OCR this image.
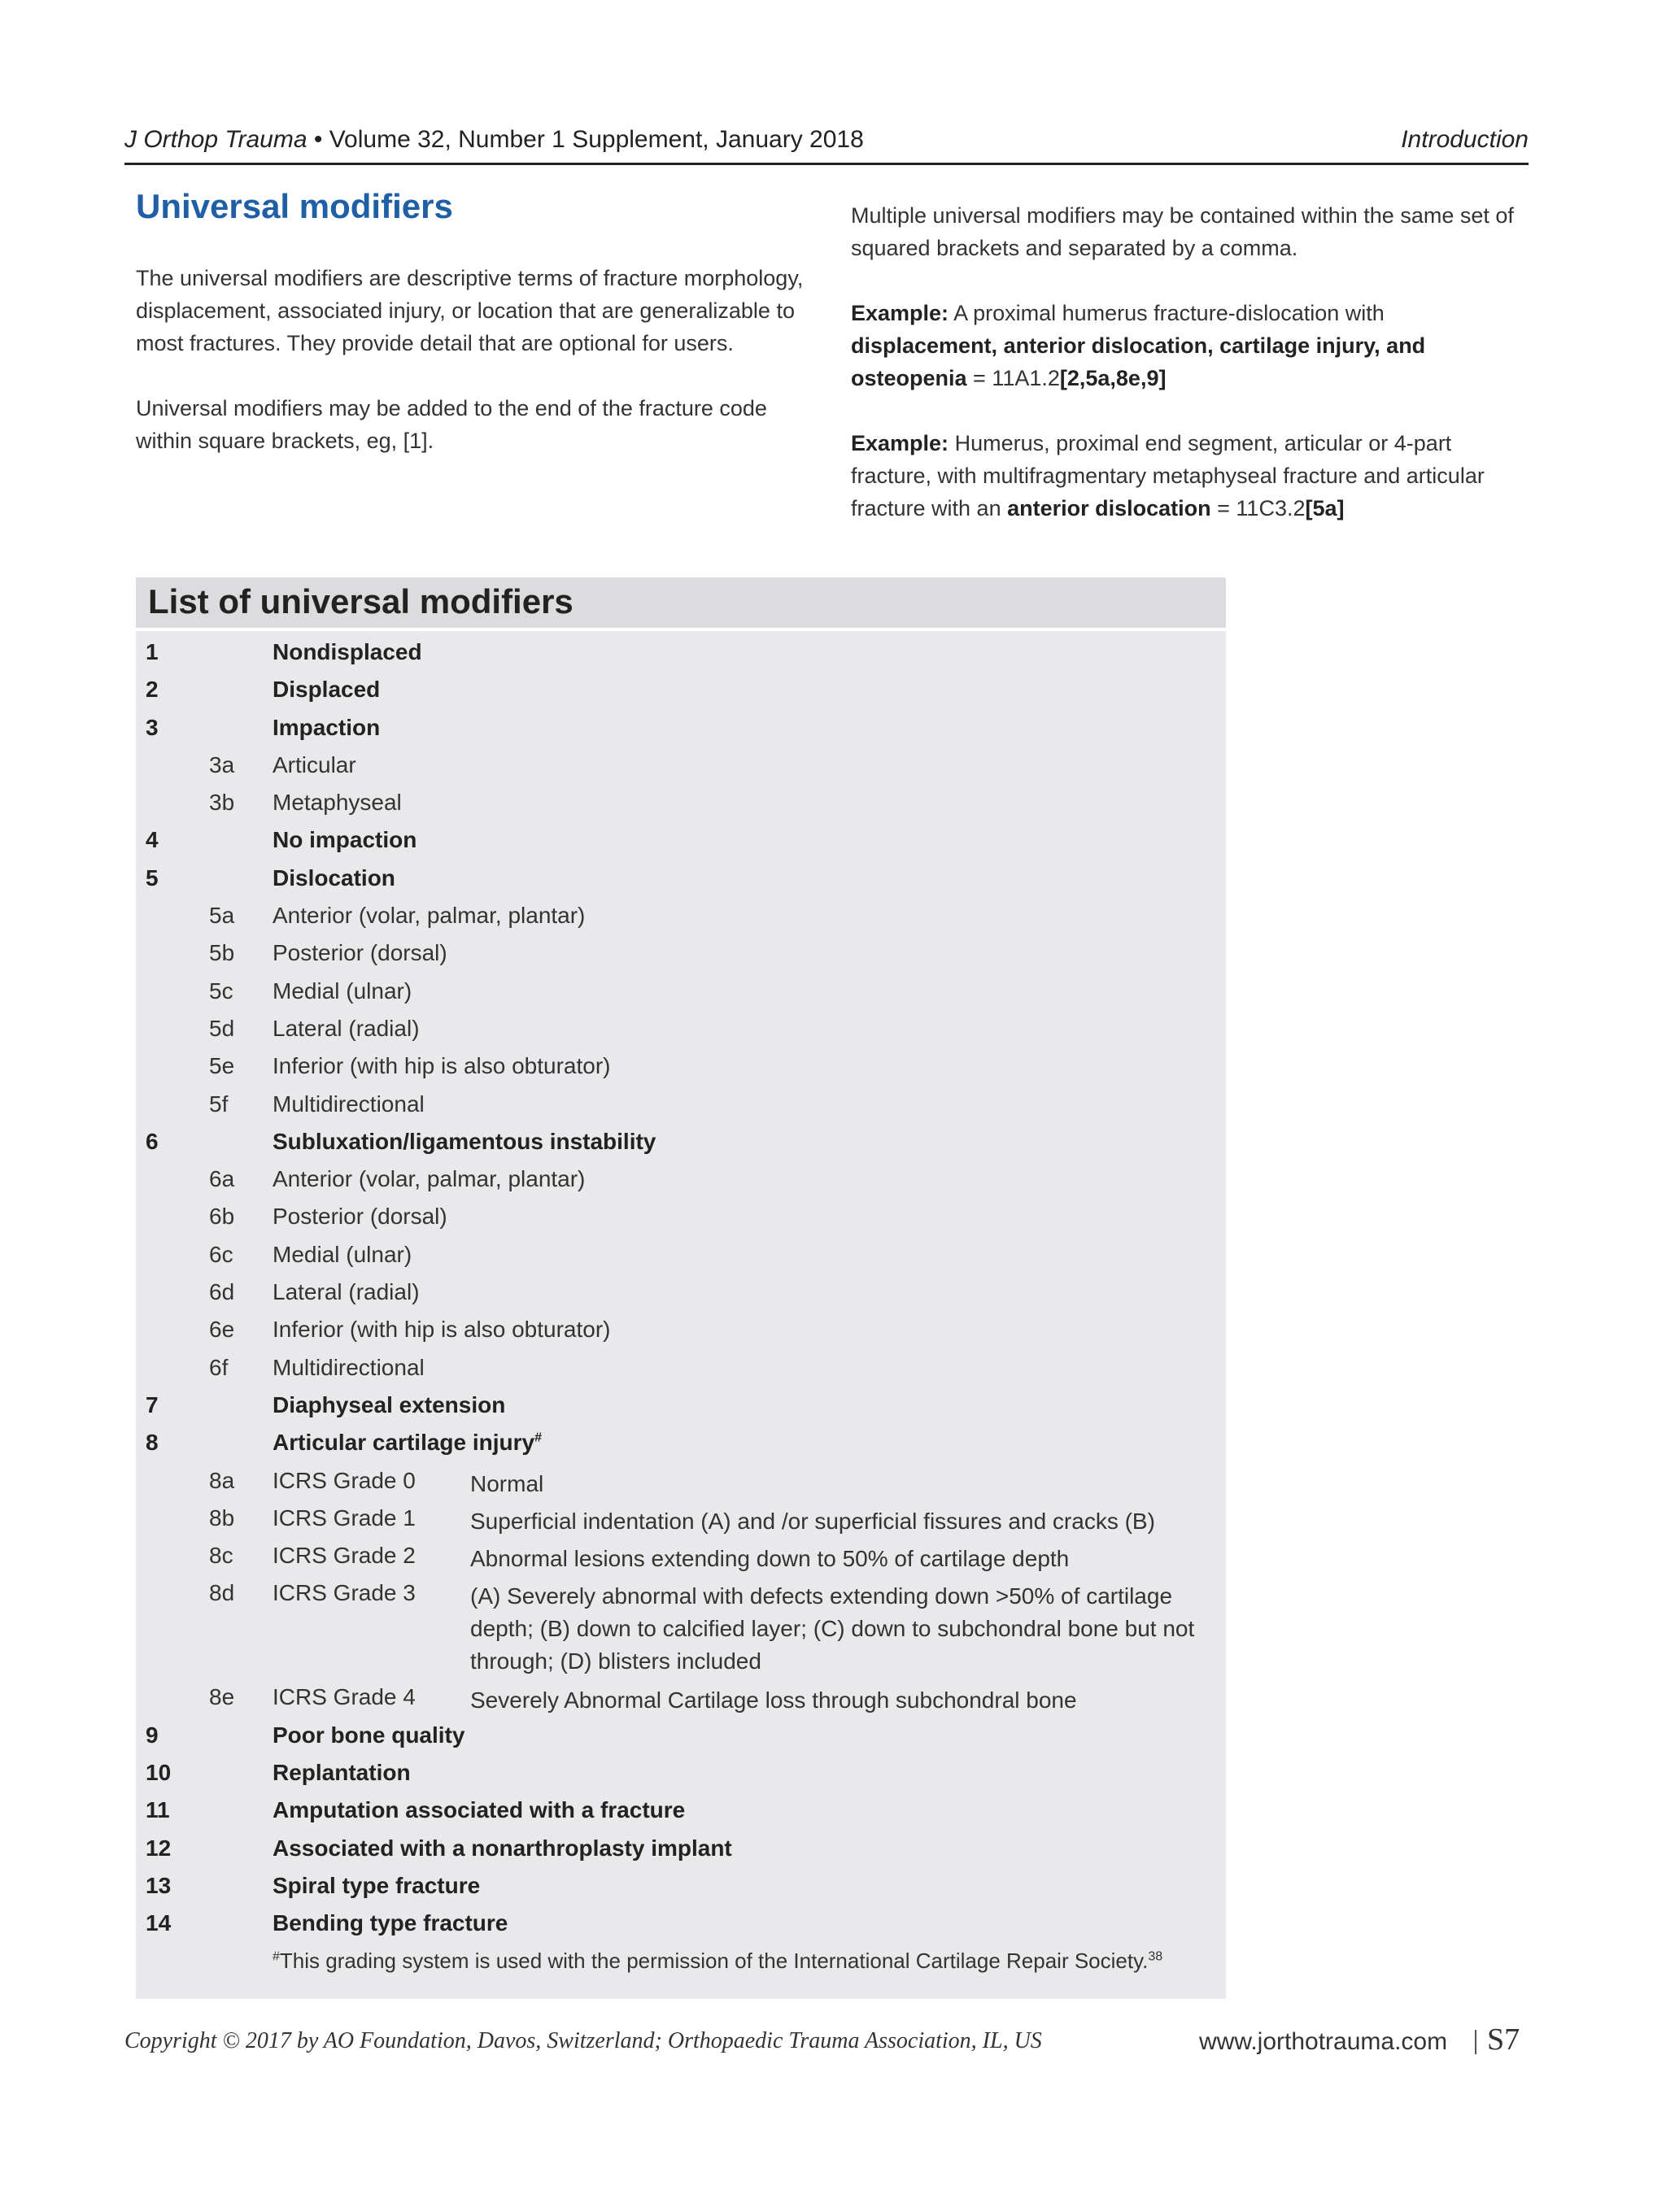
J Orthop Trauma • Volume 32, Number 1 Supplement, January 2018	Introduction
Universal modifiers

The universal modifiers are descriptive terms of fracture morphology, displacement, associated injury, or location that are generalizable to most fractures. They provide detail that are optional for users.

Universal modifiers may be added to the end of the fracture code within square brackets, eg, [1].

Multiple universal modifiers may be contained within the same set of squared brackets and separated by a comma.

Example: A proximal humerus fracture-dislocation with displacement, anterior dislocation, cartilage injury, and osteopenia = 11A1.2[2,5a,8e,9]

Example: Humerus, proximal end segment, articular or 4-part fracture, with multifragmentary metaphyseal fracture and articular fracture with an anterior dislocation = 11C3.2[5a]

List of universal modifiers
1	Nondisplaced
2	Displaced
3	Impaction
3a Articular
3b Metaphyseal
4	No impaction
5	Dislocation
5a Anterior (volar, palmar, plantar)
5b Posterior (dorsal)
5c Medial (ulnar)
5d Lateral (radial)
5e Inferior (with hip is also obturator)
5f Multidirectional
6	Subluxation/ligamentous instability
6a Anterior (volar, palmar, plantar)
6b Posterior (dorsal)
6c Medial (ulnar)
6d Lateral (radial)
6e Inferior (with hip is also obturator)
6f Multidirectional
7	Diaphyseal extension
8	Articular cartilage injury#
8a ICRS Grade 0 Normal
8b ICRS Grade 1 Superficial indentation (A) and /or superficial fissures and cracks (B)
8c ICRS Grade 2 Abnormal lesions extending down to 50% of cartilage depth
8d ICRS Grade 3 (A) Severely abnormal with defects extending down >50% of cartilage depth; (B) down to calcified layer; (C) down to subchondral bone but not through; (D) blisters included
8e ICRS Grade 4 Severely Abnormal Cartilage loss through subchondral bone
9	Poor bone quality
10	Replantation
11	Amputation associated with a fracture
12	Associated with a nonarthroplasty implant
13	Spiral type fracture
14	Bending type fracture
#This grading system is used with the permission of the International Cartilage Repair Society.$^{38}$
Copyright © 2017 by AO Foundation, Davos, Switzerland; Orthopaedic Trauma Association, IL, US	www.jorthotrauma.com S7
